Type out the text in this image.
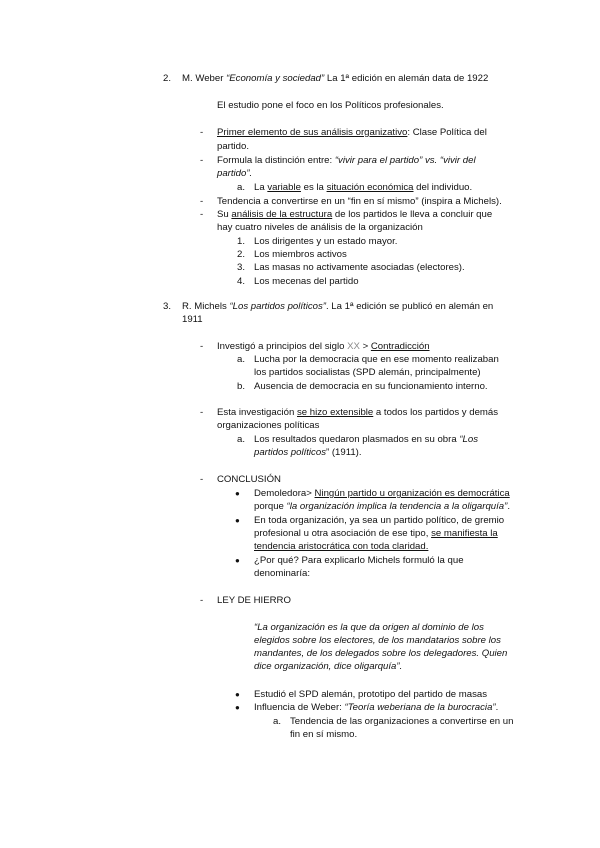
2. M. Weber “Economía y sociedad” La 1ª edición en alemán data de 1922
El estudio pone el foco en los Políticos profesionales.
- Primer elemento de sus análisis organizativo: Clase Política del
partido.
- Formula la distinción entre: “vivir para el partido” vs. “vivir del
partido”.
a. La variable es la situación económica del individuo.
- Tendencia a convertirse en un “fin en sí mismo” (inspira a Michels).
- Su análisis de la estructura de los partidos le lleva a concluir que
hay cuatro niveles de análisis de la organización
1. Los dirigentes y un estado mayor.
2. Los miembros activos
3. Las masas no activamente asociadas (electores).
4. Los mecenas del partido
3. R. Michels “Los partidos políticos”. La 1ª edición se publicó en alemán en
1911
- Investigó a principios del siglo XX > Contradicción
a. Lucha por la democracia que en ese momento realizaban
los partidos socialistas (SPD alemán, principalmente)
b. Ausencia de democracia en su funcionamiento interno.
- Esta investigación se hizo extensible a todos los partidos y demás
organizaciones políticas
a. Los resultados quedaron plasmados en su obra “Los
partidos políticos” (1911).
- CONCLUSIÓN
● Demoledora> Ningún partido u organización es democrática
porque “la organización implica la tendencia a la oligarquía”.
● En toda organización, ya sea un partido político, de gremio
profesional u otra asociación de ese tipo, se manifiesta la
tendencia aristocrática con toda claridad.
● ¿Por qué? Para explicarlo Michels formuló la que
denominaría:
- LEY DE HIERRO
“La organización es la que da origen al dominio de los
elegidos sobre los electores, de los mandatarios sobre los
mandantes, de los delegados sobre los delegadores. Quien
dice organización, dice oligarquía”.
● Estudió el SPD alemán, prototipo del partido de masas
● Influencia de Weber: “Teoría weberiana de la burocracia”.
a. Tendencia de las organizaciones a convertirse en un
fin en sí mismo.
